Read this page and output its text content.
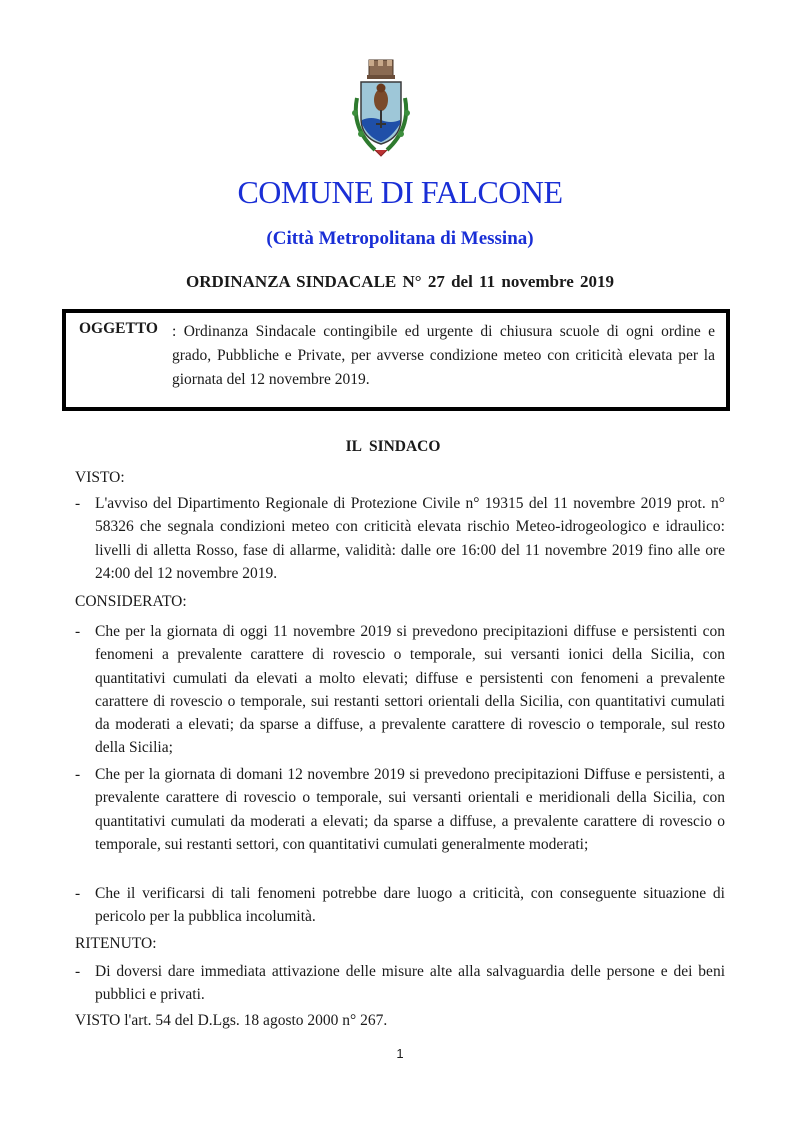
COMUNE DI FALCONE
(Città Metropolitana di Messina)
ORDINANZA SINDACALE N° 27 del 11 novembre 2019
OGGETTO : Ordinanza Sindacale contingibile ed urgente di chiusura scuole di ogni ordine e grado, Pubbliche e Private, per avverse condizione meteo con criticità elevata per la giornata del 12 novembre 2019.
IL SINDACO
VISTO:
- L'avviso del Dipartimento Regionale di Protezione Civile n° 19315 del 11 novembre 2019 prot. n° 58326 che segnala condizioni meteo con criticità elevata rischio Meteo-idrogeologico e idraulico: livelli di alletta Rosso, fase di allarme, validità: dalle ore 16:00 del 11 novembre 2019 fino alle ore 24:00 del 12 novembre 2019.
CONSIDERATO:
- Che per la giornata di oggi 11 novembre 2019 si prevedono precipitazioni diffuse e persistenti con fenomeni a prevalente carattere di rovescio o temporale, sui versanti ionici della Sicilia, con quantitativi cumulati da elevati a molto elevati; diffuse e persistenti con fenomeni a prevalente carattere di rovescio o temporale, sui restanti settori orientali della Sicilia, con quantitativi cumulati da moderati a elevati; da sparse a diffuse, a prevalente carattere di rovescio o temporale, sul resto della Sicilia;
- Che per la giornata di domani 12 novembre 2019 si prevedono precipitazioni Diffuse e persistenti, a prevalente carattere di rovescio o temporale, sui versanti orientali e meridionali della Sicilia, con quantitativi cumulati da moderati a elevati; da sparse a diffuse, a prevalente carattere di rovescio o temporale, sui restanti settori, con quantitativi cumulati generalmente moderati;
- Che il verificarsi di tali fenomeni potrebbe dare luogo a criticità, con conseguente situazione di pericolo per la pubblica incolumità.
RITENUTO:
- Di doversi dare immediata attivazione delle misure alte alla salvaguardia delle persone e dei beni pubblici e privati.
VISTO l'art. 54 del D.Lgs. 18 agosto 2000 n° 267.
1
